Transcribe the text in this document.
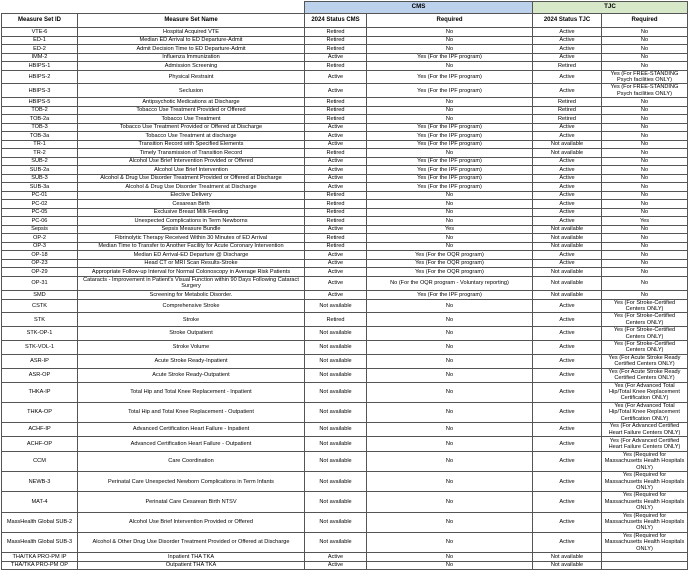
		CMS		TJC	
Measure Set ID	Measure Set Name	2024 Status CMS	Required	2024 Status TJC	Required
VTE-6	Hospital Acquired VTE	Retired	No	Active	No
ED-1	Median ED Arrival to ED Departure-Admit	Retired	No	Active	No
ED-2	Admit Decision Time to ED Departure-Admit	Retired	No	Active	No
IMM-2	Influenza Immunization	Active	Yes (For the IPF program)	Active	No
HBIPS-1	Admission Screening	Retired	No	Retired	No
HBIPS-2	Physical Restraint	Active	Yes (For the IPF program)	Active	Yes (For FREE-STANDING Psych facilities ONLY)
HBIPS-3	Seclusion	Active	Yes (For the IPF program)	Active	Yes (For FREE-STANDING Psych facilities ONLY)
HBIPS-5	Antipsychotic Medications at Discharge	Retired	No	Retired	No
TOB-2	Tobacco Use Treatment Provided or Offered	Retired	No	Retired	No
TOB-2a	Tobacco Use Treatment	Retired	No	Retired	No
TOB-3	Tobacco Use Treatment Provided or Offered at Discharge	Active	Yes (For the IPF program)	Active	No
TOB-3a	Tobacco Use Treatment at discharge	Active	Yes (For the IPF program)	Active	No
TR-1	Transition Record with Specified Elements	Active	Yes (For the IPF program)	Not available	No
TR-2	Timely Transmission of Transition Record	Retired	No	Not available	No
SUB-2	Alcohol Use Brief Intervention Provided or Offered	Active	Yes (For the IPF program)	Active	No
SUB-2a	Alcohol Use Brief Intervention	Active	Yes (For the IPF program)	Active	No
SUB-3	Alcohol & Drug Use Disorder Treatment Provided or Offered at Discharge	Active	Yes (For the IPF program)	Active	No
SUB-3a	Alcohol & Drug Use Disorder Treatment at Discharge	Active	Yes (For the IPF program)	Active	No
PC-01	Elective Delivery	Retired	No	Active	No
PC-02	Cesarean Birth	Retired	No	Active	No
PC-05	Exclusive Breast Milk Feeding	Retired	No	Active	No
PC-06	Unexpected Complications in Term Newborns	Retired	No	Active	Yes
Sepsis	Sepsis Measure Bundle	Active	Yes	Not available	No
OP-2	Fibrinolytic Therapy Received Within 30 Minutes of ED Arrival	Retired	No	Not available	No
OP-3	Median Time to Transfer to Another Facility for Acute Coronary Intervention	Retired	No	Not available	No
OP-18	Median ED Arrival-ED Departure @ Discharge	Active	Yes (For the OQR program)	Active	No
OP-23	Head CT or MRI Scan Results-Stroke	Active	Yes (For the OQR program)	Active	No
OP-29	Appropriate Follow-up Interval for Normal Colonoscopy in Average Risk Patients	Active	Yes (For the OQR program)	Not available	No
OP-31	Cataracts - Improvement in Patient's Visual Function within 90 Days Following Cataract Surgery	Active	No (For the OQR program - Voluntary reporting)	Not available	No
SMD	Screening for Metabolic Disorder.	Active	Yes (For the IPF program)	Not available	No
CSTK	Comprehensive Stroke	Not available	No	Active	Yes (For Stroke-Certified Centers ONLY)
STK	Stroke	Retired	No	Active	Yes (For Stroke-Certified Centers ONLY)
STK-OP-1	Stroke Outpatient	Not available	No	Active	Yes (For Stroke-Certified Centers ONLY)
STK-VOL-1	Stroke Volume	Not available	No	Active	Yes (For Stroke-Certified Centers ONLY)
ASR-IP	Acute Stroke Ready-Inpatient	Not available	No	Active	Yes (For Acute Stroke Ready Certified Centers ONLY)
ASR-OP	Acute Stroke Ready-Outpatient	Not available	No	Active	Yes (For Acute Stroke Ready Certified Centers ONLY)
THKA-IP	Total Hip and Total Knee Replacement - Inpatient	Not available	No	Active	Yes (For Advanced Total Hip/Total Knee Replacement Certification ONLY)
THKA-OP	Total Hip and Total Knee Replacement - Outpatient	Not available	No	Active	Yes (For Advanced Total Hip/Total Knee Replacement Certification ONLY)
ACHF-IP	Advanced Certification Heart Failure - Inpatient	Not available	No	Active	Yes (For Advanced Certified Heart Failure Centers ONLY)
ACHF-OP	Advanced Certification Heart Failure - Outpatient	Not available	No	Active	Yes (For Advanced Certified Heart Failure Centers ONLY)
CCM	Care Coordination	Not available	No	Active	Yes (Required for Massachusetts Health Hospitals ONLY)
NEWB-3	Perinatal Care Unexpected Newborn Complications in Term Infants	Not available	No	Active	Yes (Required for Massachusetts Health Hospitals ONLY)
MAT-4	Perinatal Care Cesarean Birth NTSV	Not available	No	Active	Yes (Required for Massachusetts Health Hospitals ONLY)
MassHealth Global SUB-2	Alcohol Use Brief Intervention Provided or Offered	Not available	No	Active	Yes (Required for Massachusetts Health Hospitals ONLY)
MassHealth Global SUB-3	Alcohol & Other Drug Use Disorder Treatment Provided or Offered at Discharge	Not available	No	Active	Yes (Required for Massachusetts Health Hospitals ONLY)
THA/TKA PRO-PM IP	Inpatient THA TKA	Active	No	Not available	
THA/TKA PRO-PM OP	Outpatient THA TKA	Active	No	Not available	
